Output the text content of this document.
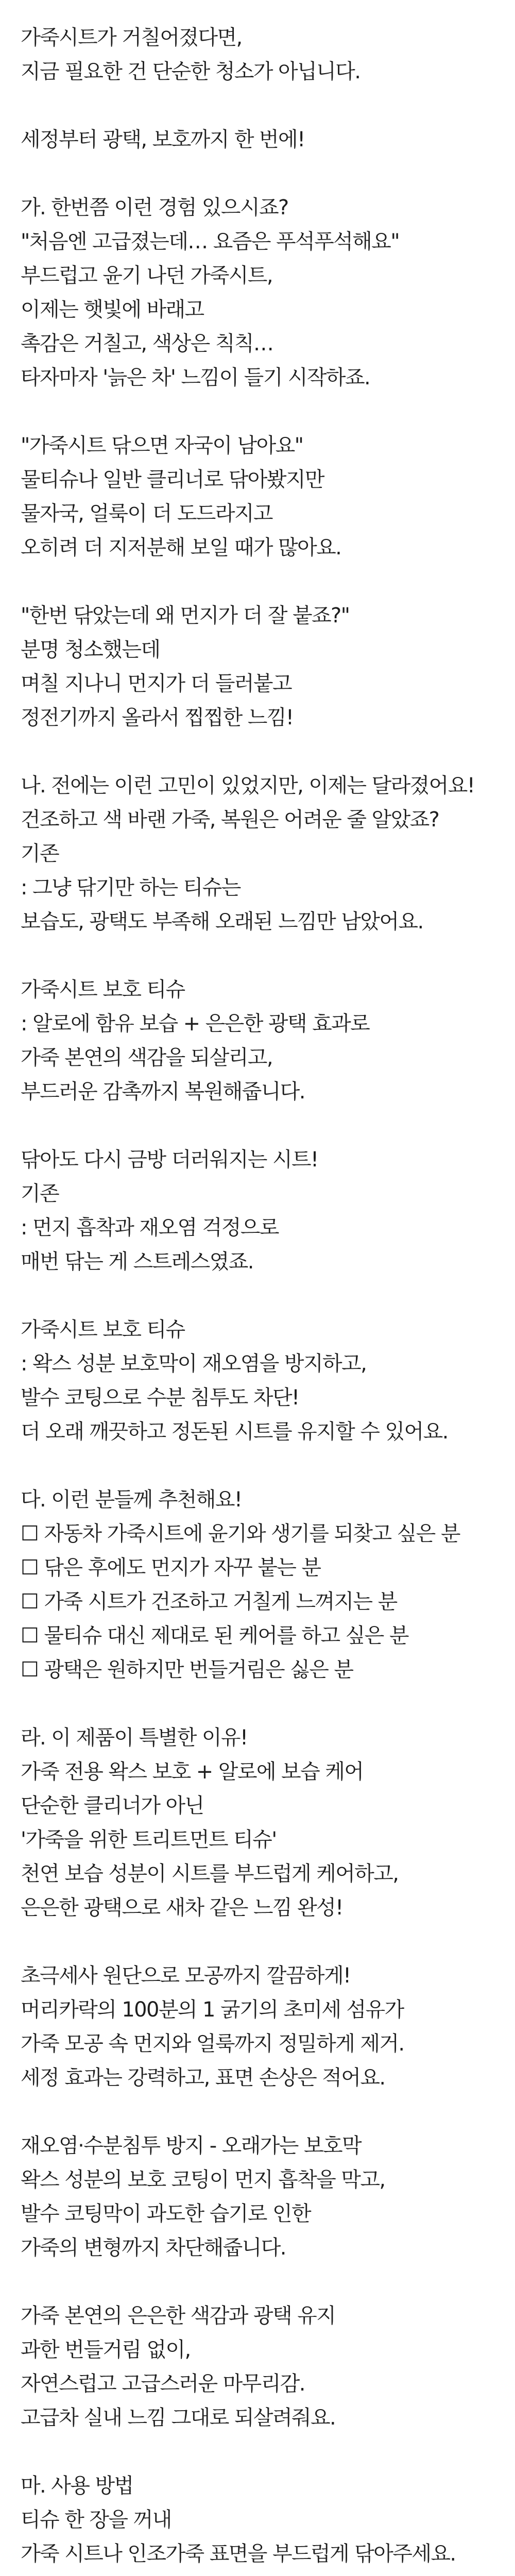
가죽시트가 거칠어졌다면,
지금 필요한 건 단순한 청소가 아닙니다.
세정부터 광택, 보호까지 한 번에!
가. 한번쯤 이런 경험 있으시죠?
"처음엔 고급졌는데… 요즘은 푸석푸석해요"
부드럽고 윤기 나던 가죽시트,
이제는 햇빛에 바래고
촉감은 거칠고, 색상은 칙칙…
타자마자 '늙은 차' 느낌이 들기 시작하죠.
"가죽시트 닦으면 자국이 남아요"
물티슈나 일반 클리너로 닦아봤지만
물자국, 얼룩이 더 도드라지고
오히려 더 지저분해 보일 때가 많아요.
"한번 닦았는데 왜 먼지가 더 잘 붙죠?"
분명 청소했는데
며칠 지나니 먼지가 더 들러붙고
정전기까지 올라서 찝찝한 느낌!
나. 전에는 이런 고민이 있었지만, 이제는 달라졌어요!
건조하고 색 바랜 가죽, 복원은 어려운 줄 알았죠?
기존
: 그냥 닦기만 하는 티슈는
보습도, 광택도 부족해 오래된 느낌만 남았어요.
가죽시트 보호 티슈
: 알로에 함유 보습 + 은은한 광택 효과로
가죽 본연의 색감을 되살리고,
부드러운 감촉까지 복원해줍니다.
닦아도 다시 금방 더러워지는 시트!
기존
: 먼지 흡착과 재오염 걱정으로
매번 닦는 게 스트레스였죠.
가죽시트 보호 티슈
: 왁스 성분 보호막이 재오염을 방지하고,
발수 코팅으로 수분 침투도 차단!
더 오래 깨끗하고 정돈된 시트를 유지할 수 있어요.
다. 이런 분들께 추천해요!
☐ 자동차 가죽시트에 윤기와 생기를 되찾고 싶은 분
☐ 닦은 후에도 먼지가 자꾸 붙는 분
☐ 가죽 시트가 건조하고 거칠게 느껴지는 분
☐ 물티슈 대신 제대로 된 케어를 하고 싶은 분
☐ 광택은 원하지만 번들거림은 싫은 분
라. 이 제품이 특별한 이유!
가죽 전용 왁스 보호 + 알로에 보습 케어
단순한 클리너가 아닌
'가죽을 위한 트리트먼트 티슈'
천연 보습 성분이 시트를 부드럽게 케어하고,
은은한 광택으로 새차 같은 느낌 완성!
초극세사 원단으로 모공까지 깔끔하게!
머리카락의 100분의 1 굵기의 초미세 섬유가
가죽 모공 속 먼지와 얼룩까지 정밀하게 제거.
세정 효과는 강력하고, 표면 손상은 적어요.
재오염·수분침투 방지 - 오래가는 보호막
왁스 성분의 보호 코팅이 먼지 흡착을 막고,
발수 코팅막이 과도한 습기로 인한
가죽의 변형까지 차단해줍니다.
가죽 본연의 은은한 색감과 광택 유지
과한 번들거림 없이,
자연스럽고 고급스러운 마무리감.
고급차 실내 느낌 그대로 되살려줘요.
마. 사용 방법
티슈 한 장을 꺼내
가죽 시트나 인조가죽 표면을 부드럽게 닦아주세요.
